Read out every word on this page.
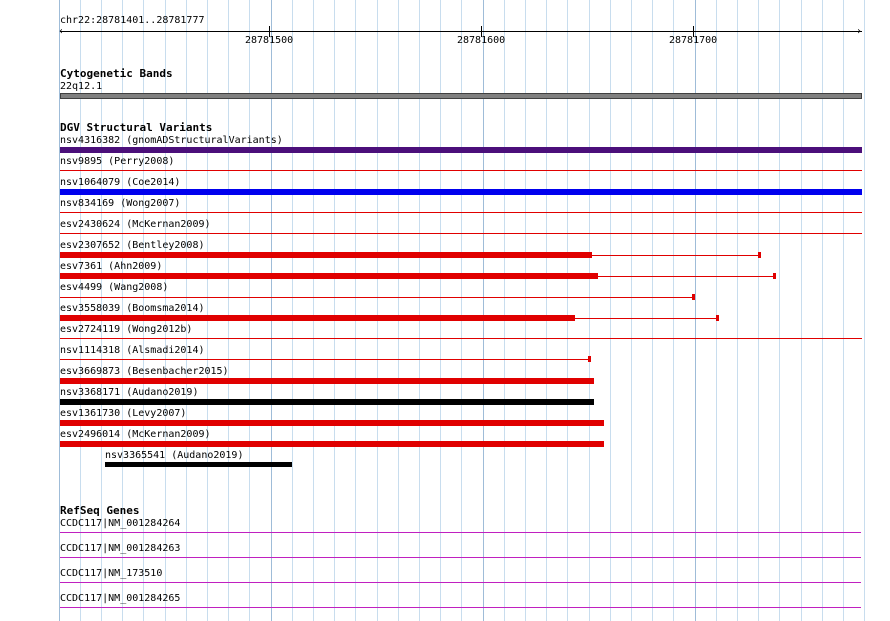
chr22:28781401..28781777
‹	›
28781500	28781600	28781700
Cytogenetic Bands
22q12.1
DGV Structural Variants
nsv4316382 (gnomADStructuralVariants)
nsv9895 (Perry2008)
nsv1064079 (Coe2014)
nsv834169 (Wong2007)
esv2430624 (McKernan2009)
esv2307652 (Bentley2008)
esv7361 (Ahn2009)
esv4499 (Wang2008)
esv3558039 (Boomsma2014)
esv2724119 (Wong2012b)
nsv1114318 (Alsmadi2014)
esv3669873 (Besenbacher2015)
nsv3368171 (Audano2019)
esv1361730 (Levy2007)
esv2496014 (McKernan2009)
nsv3365541 (Audano2019)
RefSeq Genes
CCDC117|NM_001284264
CCDC117|NM_001284263
CCDC117|NM_173510
CCDC117|NM_001284265
